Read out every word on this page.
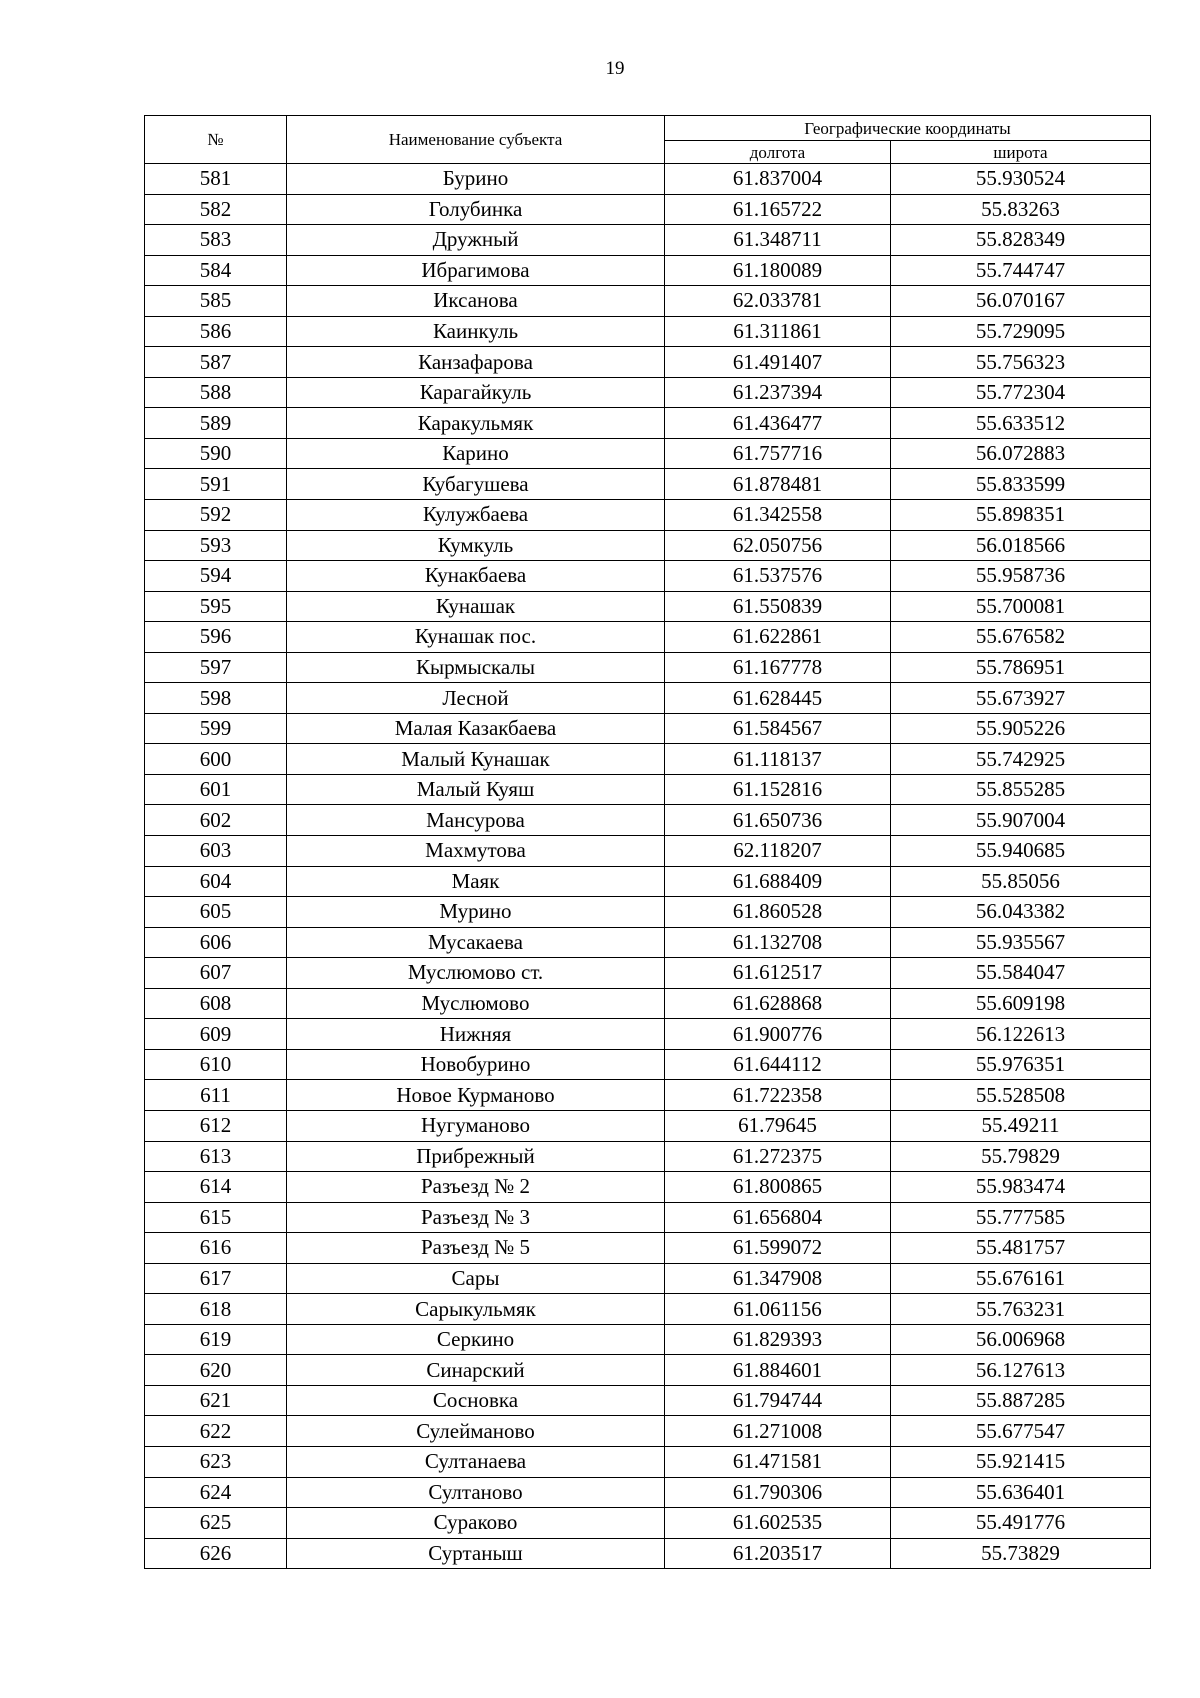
19
№	Наименование субъекта	Географические координаты	
		долгота	широта
581	Бурино	61.837004	55.930524
582	Голубинка	61.165722	55.83263
583	Дружный	61.348711	55.828349
584	Ибрагимова	61.180089	55.744747
585	Иксанова	62.033781	56.070167
586	Каинкуль	61.311861	55.729095
587	Канзафарова	61.491407	55.756323
588	Карагайкуль	61.237394	55.772304
589	Каракульмяк	61.436477	55.633512
590	Карино	61.757716	56.072883
591	Кубагушева	61.878481	55.833599
592	Кулужбаева	61.342558	55.898351
593	Кумкуль	62.050756	56.018566
594	Кунакбаева	61.537576	55.958736
595	Кунашак	61.550839	55.700081
596	Кунашак пос.	61.622861	55.676582
597	Кырмыскалы	61.167778	55.786951
598	Лесной	61.628445	55.673927
599	Малая Казакбаева	61.584567	55.905226
600	Малый Кунашак	61.118137	55.742925
601	Малый Куяш	61.152816	55.855285
602	Мансурова	61.650736	55.907004
603	Махмутова	62.118207	55.940685
604	Маяк	61.688409	55.85056
605	Мурино	61.860528	56.043382
606	Мусакаева	61.132708	55.935567
607	Муслюмово ст.	61.612517	55.584047
608	Муслюмово	61.628868	55.609198
609	Нижняя	61.900776	56.122613
610	Новобурино	61.644112	55.976351
611	Новое Курманово	61.722358	55.528508
612	Нугуманово	61.79645	55.49211
613	Прибрежный	61.272375	55.79829
614	Разъезд № 2	61.800865	55.983474
615	Разъезд № 3	61.656804	55.777585
616	Разъезд № 5	61.599072	55.481757
617	Сары	61.347908	55.676161
618	Сарыкульмяк	61.061156	55.763231
619	Серкино	61.829393	56.006968
620	Синарский	61.884601	56.127613
621	Сосновка	61.794744	55.887285
622	Сулейманово	61.271008	55.677547
623	Султанаева	61.471581	55.921415
624	Султаново	61.790306	55.636401
625	Сураково	61.602535	55.491776
626	Суртаныш	61.203517	55.73829
